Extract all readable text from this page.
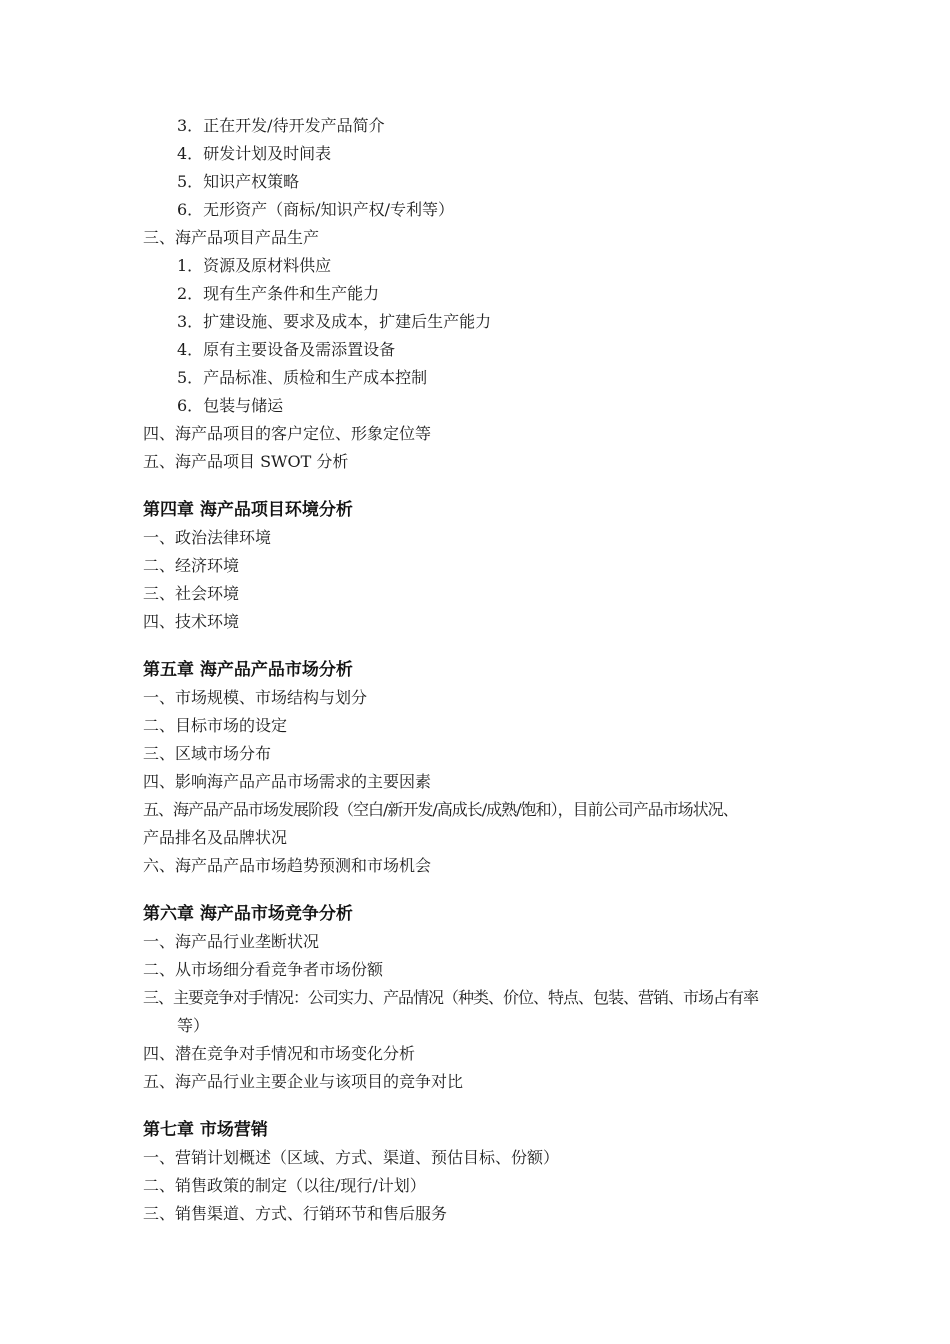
3．正在开发/待开发产品简介
4．研发计划及时间表
5．知识产权策略
6．无形资产（商标/知识产权/专利等）
三、海产品项目产品生产
1．资源及原材料供应
2．现有生产条件和生产能力
3．扩建设施、要求及成本，扩建后生产能力
4．原有主要设备及需添置设备
5．产品标准、质检和生产成本控制
6．包装与储运
四、海产品项目的客户定位、形象定位等
五、海产品项目 SWOT 分析
第四章 海产品项目环境分析
一、政治法律环境
二、经济环境
三、社会环境
四、技术环境
第五章 海产品产品市场分析
一、市场规模、市场结构与划分
二、目标市场的设定
三、区域市场分布
四、影响海产品产品市场需求的主要因素
五、海产品产品市场发展阶段（空白/新开发/高成长/成熟/饱和），目前公司产品市场状况、
产品排名及品牌状况
六、海产品产品市场趋势预测和市场机会
第六章 海产品市场竞争分析
一、海产品行业垄断状况
二、从市场细分看竞争者市场份额
三、主要竞争对手情况：公司实力、产品情况（种类、价位、特点、包装、营销、市场占有率
等）
四、潜在竞争对手情况和市场变化分析
五、海产品行业主要企业与该项目的竞争对比
第七章 市场营销
一、营销计划概述（区域、方式、渠道、预估目标、份额）
二、销售政策的制定（以往/现行/计划）
三、销售渠道、方式、行销环节和售后服务
